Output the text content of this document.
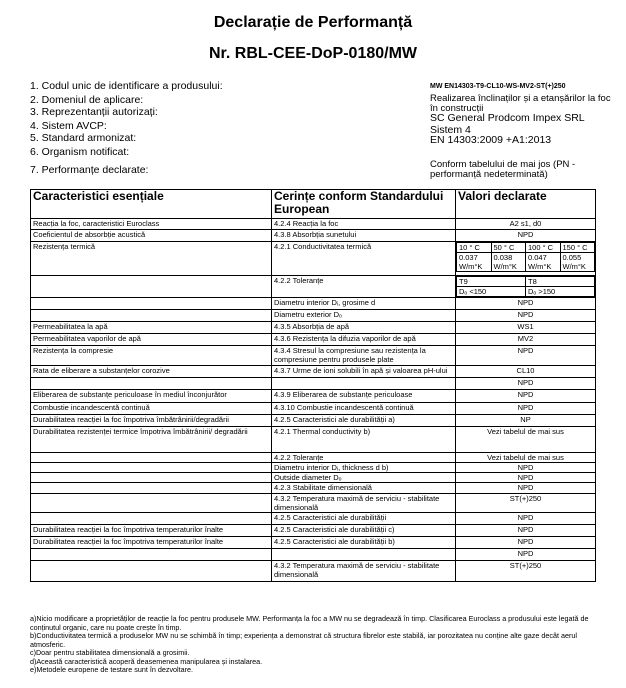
Declarație de Performanță
Nr. RBL-CEE-DoP-0180/MW
1. Codul unic de identificare a produsului:	MW EN14303-T9-CL10-WS-MV2-ST(+)250
2. Domeniul de aplicare:	Realizarea înclinaților și a etanșărilor la foc în construcții
3. Reprezentanții autorizați:	SC General Prodcom Impex SRL
4. Sistem AVCP:	Sistem 4
5. Standard armonizat:	EN 14303:2009 +A1:2013
6. Organism notificat:
7. Performanțe declarate:	Conform tabelului de mai jos (PN - performanță nedeterminată)
Caracteristici esențiale	Cerințe conform Standardului European	Valori declarate
Reacția la foc, caracteristici Euroclass	4.2.4 Reacția la foc	A2 s1, d0
Coeficientul de absorbție acustică	4.3.8 Absorbția sunetului	NPD
Rezistența termică	4.2.1 Conductivitatea termică		10 ° C	50 ° C	100 ° C	150 ° C
0.037 W/m°K	0.038 W/m°K	0.047 W/m°K	0.055 W/m°K

	4.2.2 Toleranțe		T9	T8
Dₒ <150	Dₒ >150

	Diametru interior Dᵢ, grosime d	NPD
	Diametru exterior Dₒ	NPD
Permeabilitatea la apă	4.3.5 Absorbția de apă	WS1
Permeabilitatea vaporilor de apă	4.3.6 Rezistența la difuzia vaporilor de apă	MV2
Rezistența la compresie	4.3.4 Stresul la compresiune sau rezistența la compresiune pentru produsele plate	NPD
Rata de eliberare a substanțelor corozive	4.3.7 Urme de ioni solubili în apă și valoarea pH-ului	CL10
		NPD
Eliberarea de substanțe periculoase în mediul înconjurător	4.3.9 Eliberarea de substanțe periculoase	NPD
Combustie incandescentă continuă	4.3.10 Combustie incandescentă continuă	NPD
Durabilitatea reacției la foc împotriva îmbătrânirii/degradării	4.2.5 Caracteristici ale durabilității a)	NP
Durabilitatea rezistenței termice împotriva îmbătrânirii/ degradării	4.2.1 Thermal conductivity b)	Vezi tabelul de mai sus
	4.2.2 Toleranțe	Vezi tabelul de mai sus
	Diametru interior Dᵢ, thickness d b)	NPD
	Outside diameter Dₒ	NPD
	4.2.3 Stabilitate dimensională	NPD
	4.3.2 Temperatura maximă de serviciu - stabilitate dimensională	ST(+)250
	4.2.5 Caracteristici ale durabilității	NPD
Durabilitatea reacției la foc împotriva temperaturilor înalte	4.2.5 Caracteristici ale durabilității c)	NPD
Durabilitatea reacției la foc împotriva temperaturilor înalte	4.2.5 Caracteristici ale durabilității b)	NPD
		NPD
	4.3.2 Temperatura maximă de serviciu - stabilitate dimensională	ST(+)250
a)Nicio modificare a proprietăților de reacție la foc pentru produsele MW. Performanța la foc a MW nu se degradează în timp. Clasificarea Euroclass a produsului este legată de conținutul organic, care nu poate crește în timp.
b)Conductivitatea termică a produselor MW nu se schimbă în timp; experiența a demonstrat că structura fibrelor este stabilă, iar porozitatea nu conține alte gaze decât aerul atmosferic.
c)Doar pentru stabilitatea dimensională a grosimii.
d)Această caracteristică acoperă deasemenea manipularea și instalarea.
e)Metodele europene de testare sunt în dezvoltare.
